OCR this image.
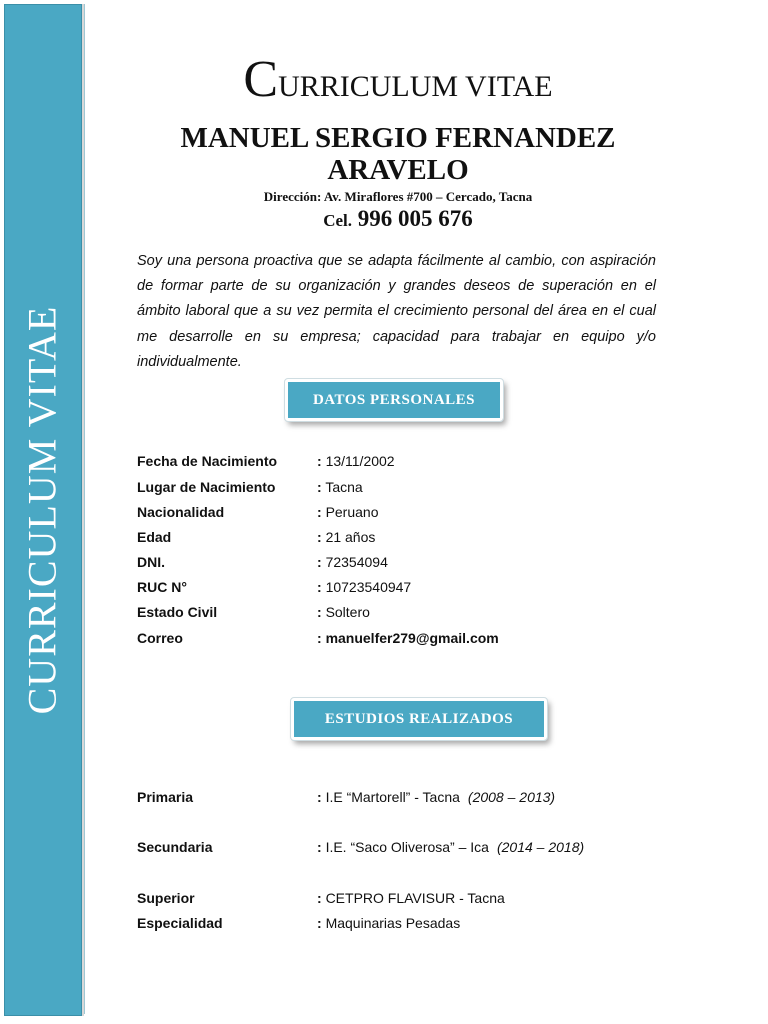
CURRICULUM VITAE
CURRICULUM VITAE
MANUEL SERGIO FERNANDEZ
ARAVELO
Dirección: Av. Miraflores #700 – Cercado, Tacna
Cel. 996 005 676
Soy una persona proactiva que se adapta fácilmente al cambio, con aspiración de formar parte de su organización y grandes deseos de superación en el ámbito laboral que a su vez permita el crecimiento personal del área en el cual me desarrolle en su empresa; capacidad para trabajar en equipo y/o individualmente.
DATOS PERSONALES
Fecha de Nacimiento	: 13/11/2002
Lugar de Nacimiento	: Tacna
Nacionalidad	: Peruano
Edad	: 21 años
DNI.	: 72354094
RUC N°	: 10723540947
Estado Civil	: Soltero
Correo	: manuelfer279@gmail.com
ESTUDIOS REALIZADOS
Primaria	: I.E “Martorell” - Tacna (2008 – 2013)
Secundaria	: I.E. “Saco Oliverosa” – Ica (2014 – 2018)
Superior	: CETPRO FLAVISUR - Tacna
Especialidad	: Maquinarias Pesadas
